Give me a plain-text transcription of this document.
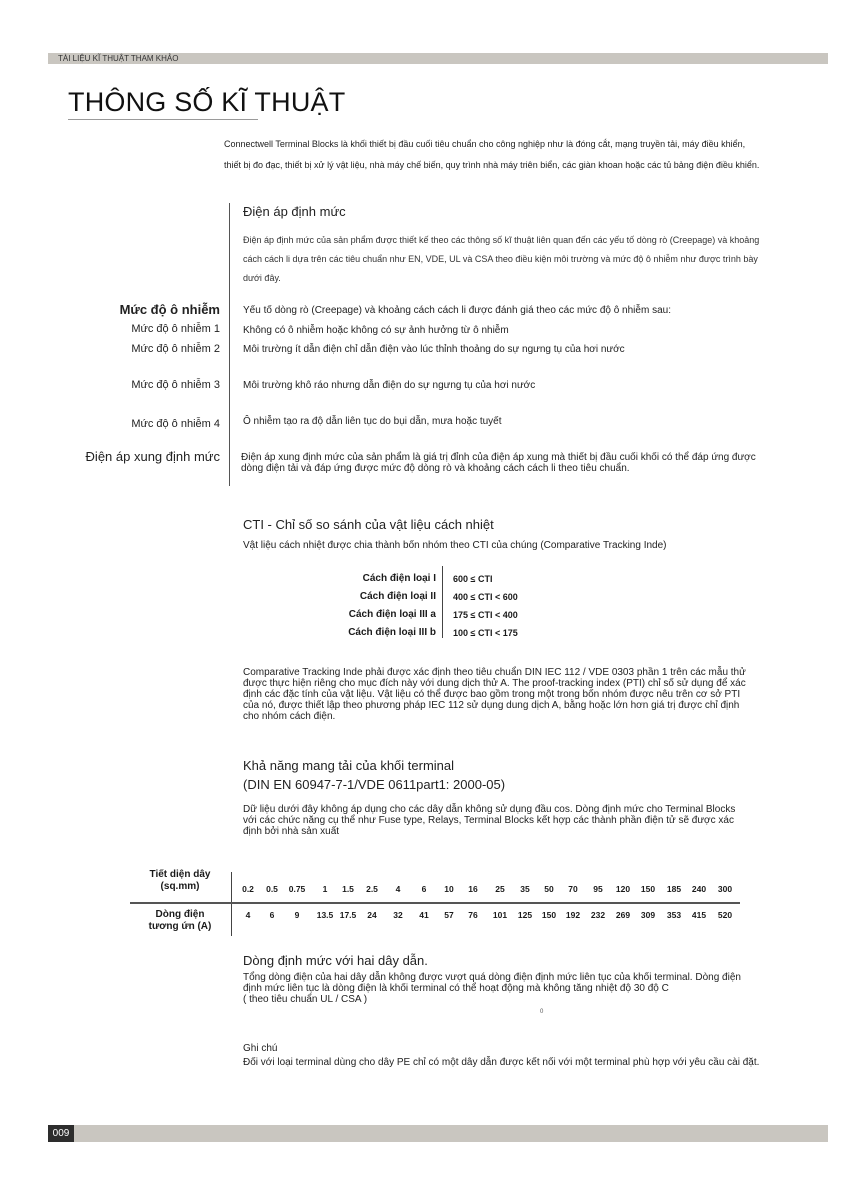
TÀI LIỆU KĨ THUẬT THAM KHẢO
THÔNG SỐ KĨ THUẬT
Connectwell Terminal Blocks là khối thiết bị đầu cuối tiêu chuẩn cho công nghiệp như là đóng cắt, mạng truyền tải, máy điều khiển,
thiết bị đo đạc, thiết bị xử lý vật liệu, nhà máy chế biến, quy trình nhà máy triên biển, các giàn khoan hoặc các tủ bảng điện điều khiển.
Điện áp định mức
Điện áp định mức của sản phẩm được thiết kế theo các thông số kĩ thuật liên quan đến các yếu tố dòng rò (Creepage) và khoảng
cách cách li dựa trên các tiêu chuẩn như EN, VDE, UL và CSA theo điều kiện môi trường và mức độ ô nhiễm như được trình bày
dưới đây.
Mức độ ô nhiễm Yếu tố dòng rò (Creepage) và khoảng cách cách li được đánh giá theo các mức độ ô nhiễm sau:
Mức độ ô nhiễm 1 Không có ô nhiễm hoặc không có sự ảnh hưởng từ ô nhiễm
Mức độ ô nhiễm 2 Môi trường ít dẫn điện chỉ dẫn điện vào lúc thỉnh thoảng do sự ngưng tụ của hơi nước
Mức độ ô nhiễm 3 Môi trường khô ráo nhưng dẫn điện do sự ngưng tụ của hơi nước
Mức độ ô nhiễm 4 Ô nhiễm tạo ra độ dẫn liên tục do bụi dẫn, mưa hoặc tuyết
Điện áp xung định mức Điện áp xung định mức của sản phẩm là giá trị đỉnh của điện áp xung mà thiết bị đầu cuối khối có thể đáp ứng được
dòng điện tải và đáp ứng được mức độ dòng rò và khoảng cách cách li theo tiêu chuẩn.
CTI - Chỉ số so sánh của vật liệu cách nhiệt
Vật liệu cách nhiệt được chia thành bốn nhóm theo CTI của chúng (Comparative Tracking Inde)
Cách điện loại I
Cách điện loại II
Cách điện loại III a
Cách điện loại III b
600 ≤ CTI
400 ≤ CTI < 600
175 ≤ CTI < 400
100 ≤ CTI < 175
Comparative Tracking Inde phải được xác định theo tiêu chuẩn DIN IEC 112 / VDE 0303 phần 1 trên các mẫu thử
được thực hiện riêng cho mục đích này với dung dịch thử A. The proof-tracking index (PTI) chỉ số sử dụng để xác
định các đặc tính của vật liệu. Vật liệu có thể được bao gồm trong một trong bốn nhóm được nêu trên cơ sở PTI
của nó, được thiết lập theo phương pháp IEC 112 sử dụng dung dịch A, bằng hoặc lớn hơn giá trị được chỉ định
cho nhóm cách điện.
Khả năng mang tải của khối terminal
(DIN EN 60947-7-1/VDE 0611part1: 2000-05)
Dữ liệu dưới đây không áp dụng cho các dây dẫn không sử dụng đầu cos. Dòng định mức cho Terminal Blocks
với các chức năng cụ thể như Fuse type, Relays, Terminal Blocks kết hợp các thành phần điện tử sẽ được xác
định bởi nhà sản xuất
Tiết diện dây
(sq.mm)
Dòng điện
tương ứn (A)
0.2 0.5 0.75 1 1.5 2.5 4	6 10 16 25 35 50 70 95 120 150 185 240 300
4 6 9 13.5 17.5 24 32 41 57 76 101 125 150 192 232 269 309 353 415 520
Dòng định mức với hai dây dẫn.
Tổng dòng điện của hai dây dẫn không được vượt quá dòng điện định mức liên tục của khối terminal. Dòng điện
định mức liên tục là dòng điện là khối terminal có thể hoạt động mà không tăng nhiệt độ 30 độ C
( theo tiêu chuẩn UL / CSA )
0
Ghi chú
Đối với loại terminal dùng cho dây PE chỉ có một dây dẫn được kết nối với một terminal phù hợp với yêu cầu cài đặt.
009
